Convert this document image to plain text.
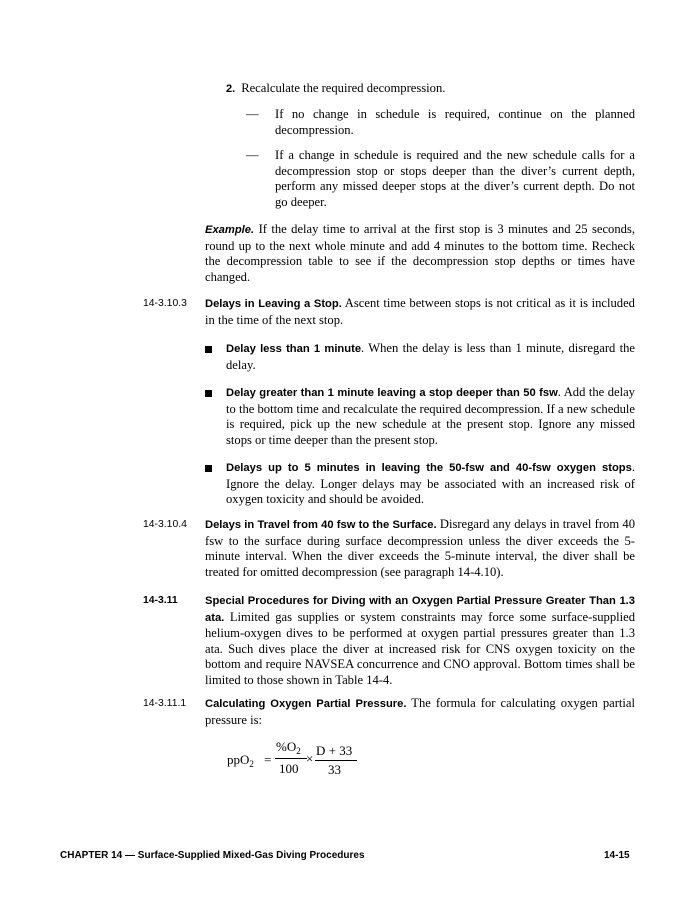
2. Recalculate the required decompression.
— If no change in schedule is required, continue on the planned decompression.
— If a change in schedule is required and the new schedule calls for a decompression stop or stops deeper than the diver’s current depth, perform any missed deeper stops at the diver’s current depth. Do not go deeper.
Example. If the delay time to arrival at the first stop is 3 minutes and 25 seconds, round up to the next whole minute and add 4 minutes to the bottom time. Recheck the decompression table to see if the decompression stop depths or times have changed.
14-3.10.3 Delays in Leaving a Stop. Ascent time between stops is not critical as it is included in the time of the next stop.
Delay less than 1 minute. When the delay is less than 1 minute, disregard the delay.
Delay greater than 1 minute leaving a stop deeper than 50 fsw. Add the delay to the bottom time and recalculate the required decompression. If a new schedule is required, pick up the new schedule at the present stop. Ignore any missed stops or time deeper than the present stop.
Delays up to 5 minutes in leaving the 50-fsw and 40-fsw oxygen stops. Ignore the delay. Longer delays may be associated with an increased risk of oxygen toxicity and should be avoided.
14-3.10.4 Delays in Travel from 40 fsw to the Surface. Disregard any delays in travel from 40 fsw to the surface during surface decompression unless the diver exceeds the 5-minute interval. When the diver exceeds the 5-minute interval, the diver shall be treated for omitted decompression (see paragraph 14-4.10).
14-3.11 Special Procedures for Diving with an Oxygen Partial Pressure Greater Than 1.3 ata. Limited gas supplies or system constraints may force some surface-supplied helium-oxygen dives to be performed at oxygen partial pressures greater than 1.3 ata. Such dives place the diver at increased risk for CNS oxygen toxicity on the bottom and require NAVSEA concurrence and CNO approval. Bottom times shall be limited to those shown in Table 14-4.
14-3.11.1 Calculating Oxygen Partial Pressure. The formula for calculating oxygen partial pressure is:
ppO$_2$ =
$\%O_2$
100
×
D + 33
33
CHAPTER 14 — Surface-Supplied Mixed-Gas Diving Procedures	14-15
